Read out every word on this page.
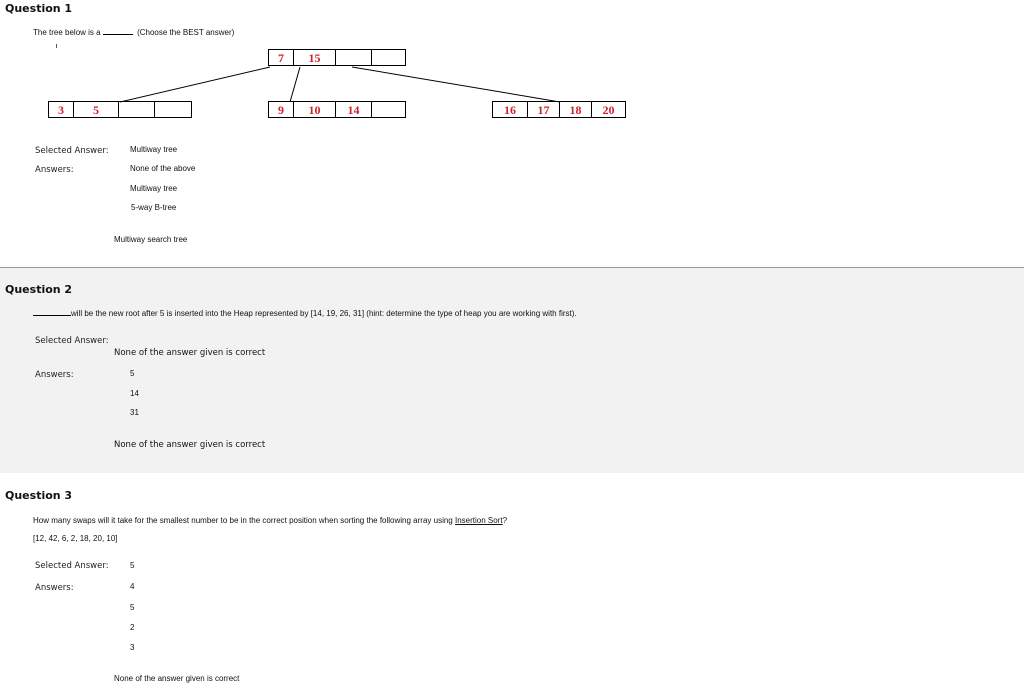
Question 1
The tree below is a	(Choose the BEST answer)
7	15
3	5	9	10	14	16	17	18	20
Selected Answer:	Multiway tree
Answers:	None of the above
Multiway tree
5-way B-tree
Multiway search tree
Question 2
will be the new root after 5 is inserted into the Heap represented by [14, 19, 26, 31] (hint: determine the type of heap you are working with first).
Selected Answer:
None of the answer given is correct
Answers:	5
14
31
None of the answer given is correct
Question 3
How many swaps will it take for the smallest number to be in the correct position when sorting the following array using Insertion Sort?
[12, 42, 6, 2, 18, 20, 10]
Selected Answer:	5
Answers:	4
5
2
3
None of the answer given is correct
